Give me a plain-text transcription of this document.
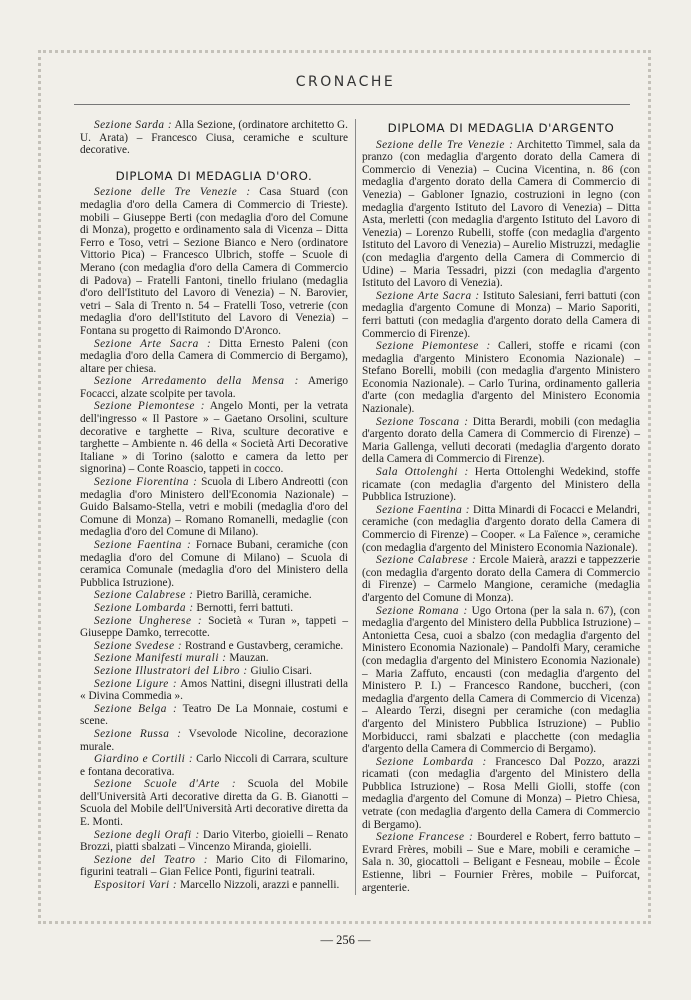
CRONACHE

Sezione Sarda : Alla Sezione, (ordinatore architetto G. U. Arata) – Francesco Ciusa, ceramiche e sculture decorative.

DIPLOMA DI MEDAGLIA D'ORO.

Sezione delle Tre Venezie : Casa Stuard (con medaglia d'oro della Camera di Commercio di Trieste). mobili – Giuseppe Berti (con medaglia d'oro del Comune di Monza), progetto e ordinamento sala di Vicenza – Ditta Ferro e Toso, vetri – Sezione Bianco e Nero (ordinatore Vittorio Pica) – Francesco Ulbrich, stoffe – Scuole di Merano (con medaglia d'oro della Camera di Commercio di Padova) – Fratelli Fantoni, tinello friulano (medaglia d'oro dell'Istituto del Lavoro di Venezia) – N. Barovier, vetri – Sala di Trento n. 54 – Fratelli Toso, vetrerie (con medaglia d'oro dell'Istituto del Lavoro di Venezia) – Fontana su progetto di Raimondo D'Aronco.

Sezione Arte Sacra : Ditta Ernesto Paleni (con medaglia d'oro della Camera di Commercio di Bergamo), altare per chiesa.

Sezione Arredamento della Mensa : Amerigo Focacci, alzate scolpite per tavola.

Sezione Piemontese : Angelo Monti, per la vetrata dell'ingresso « Il Pastore » – Gaetano Orsolini, sculture decorative e targhette – Riva, sculture decorative e targhette – Ambiente n. 46 della « Società Arti Decorative Italiane » di Torino (salotto e camera da letto per signorina) – Conte Roascio, tappeti in cocco.

Sezione Fiorentina : Scuola di Libero Andreotti (con medaglia d'oro Ministero dell'Economia Nazionale) – Guido Balsamo-Stella, vetri e mobili (medaglia d'oro del Comune di Monza) – Romano Romanelli, medaglie (con medaglia d'oro del Comune di Milano).

Sezione Faentina : Fornace Bubani, ceramiche (con medaglia d'oro del Comune di Milano) – Scuola di ceramica Comunale (medaglia d'oro del Ministero della Pubblica Istruzione).

Sezione Calabrese : Pietro Barillà, ceramiche.

Sezione Lombarda : Bernotti, ferri battuti.

Sezione Ungherese : Società « Turan », tappeti – Giuseppe Damko, terrecotte.

Sezione Svedese : Rostrand e Gustavberg, ceramiche.

Sezione Manifesti murali : Mauzan.

Sezione Illustratori del Libro : Giulio Cisari.

Sezione Ligure : Amos Nattini, disegni illustrati della « Divina Commedia ».

Sezione Belga : Teatro De La Monnaie, costumi e scene.

Sezione Russa : Vsevolode Nicoline, decorazione murale.

Giardino e Cortili : Carlo Niccoli di Carrara, sculture e fontana decorativa.

Sezione Scuole d'Arte : Scuola del Mobile dell'Università Arti decorative diretta da G. B. Gianotti – Scuola del Mobile dell'Università Arti decorative diretta da E. Monti.

Sezione degli Orafi : Dario Viterbo, gioielli – Renato Brozzi, piatti sbalzati – Vincenzo Miranda, gioielli.

Sezione del Teatro : Mario Cito di Filomarino, figurini teatrali – Gian Felice Ponti, figurini teatrali.

Espositori Vari : Marcello Nizzoli, arazzi e pannelli.

DIPLOMA DI MEDAGLIA D'ARGENTO

Sezione delle Tre Venezie : Architetto Timmel, sala da pranzo (con medaglia d'argento dorato della Camera di Commercio di Venezia) – Cucina Vicentina, n. 86 (con medaglia d'argento dorato della Camera di Commercio di Venezia) – Gabloner Ignazio, costruzioni in legno (con medaglia d'argento Istituto del Lavoro di Venezia) – Ditta Asta, merletti (con medaglia d'argento Istituto del Lavoro di Venezia) – Lorenzo Rubelli, stoffe (con medaglia d'argento Istituto del Lavoro di Venezia) – Aurelio Mistruzzi, medaglie (con medaglia d'argento della Camera di Commercio di Udine) – Maria Tessadri, pizzi (con medaglia d'argento Istituto del Lavoro di Venezia).

Sezione Arte Sacra : Istituto Salesiani, ferri battuti (con medaglia d'argento Comune di Monza) – Mario Saporiti, ferri battuti (con medaglia d'argento dorato della Camera di Commercio di Firenze).

Sezione Piemontese : Calleri, stoffe e ricami (con medaglia d'argento Ministero Economia Nazionale) – Stefano Borelli, mobili (con medaglia d'argento Ministero Economia Nazionale). – Carlo Turina, ordinamento galleria d'arte (con medaglia d'argento del Ministero Economia Nazionale).

Sezione Toscana : Ditta Berardi, mobili (con medaglia d'argento dorato della Camera di Commercio di Firenze) – Maria Gallenga, velluti decorati (medaglia d'argento dorato della Camera di Commercio di Firenze).

Sala Ottolenghi : Herta Ottolenghi Wedekind, stoffe ricamate (con medaglia d'argento del Ministero della Pubblica Istruzione).

Sezione Faentina : Ditta Minardi di Focacci e Melandri, ceramiche (con medaglia d'argento dorato della Camera di Commercio di Firenze) – Cooper. « La Faïence », ceramiche (con medaglia d'argento del Ministero Economia Nazionale).

Sezione Calabrese : Ercole Maierà, arazzi e tappezzerie (con medaglia d'argento dorato della Camera di Commercio di Firenze) – Carmelo Mangione, ceramiche (medaglia d'argento del Comune di Monza).

Sezione Romana : Ugo Ortona (per la sala n. 67), (con medaglia d'argento del Ministero della Pubblica Istruzione) – Antonietta Cesa, cuoi a sbalzo (con medaglia d'argento del Ministero Economia Nazionale) – Pandolfi Mary, ceramiche (con medaglia d'argento del Ministero Economia Nazionale) – Maria Zaffuto, encausti (con medaglia d'argento del Ministero P. I.) – Francesco Randone, buccheri, (con medaglia d'argento della Camera di Commercio di Vicenza) – Aleardo Terzi, disegni per ceramiche (con medaglia d'argento del Ministero Pubblica Istruzione) – Publio Morbiducci, rami sbalzati e placchette (con medaglia d'argento della Camera di Commercio di Bergamo).

Sezione Lombarda : Francesco Dal Pozzo, arazzi ricamati (con medaglia d'argento del Ministero della Pubblica Istruzione) – Rosa Melli Giolli, stoffe (con medaglia d'argento del Comune di Monza) – Pietro Chiesa, vetrate (con medaglia d'argento della Camera di Commercio di Bergamo).

Sezione Francese : Bourderel e Robert, ferro battuto – Evrard Frères, mobili – Sue e Mare, mobili e ceramiche – Sala n. 30, giocattoli – Beligant e Fesneau, mobile – École Estienne, libri – Fournier Frères, mobile – Puiforcat, argenterie.

— 256 —
